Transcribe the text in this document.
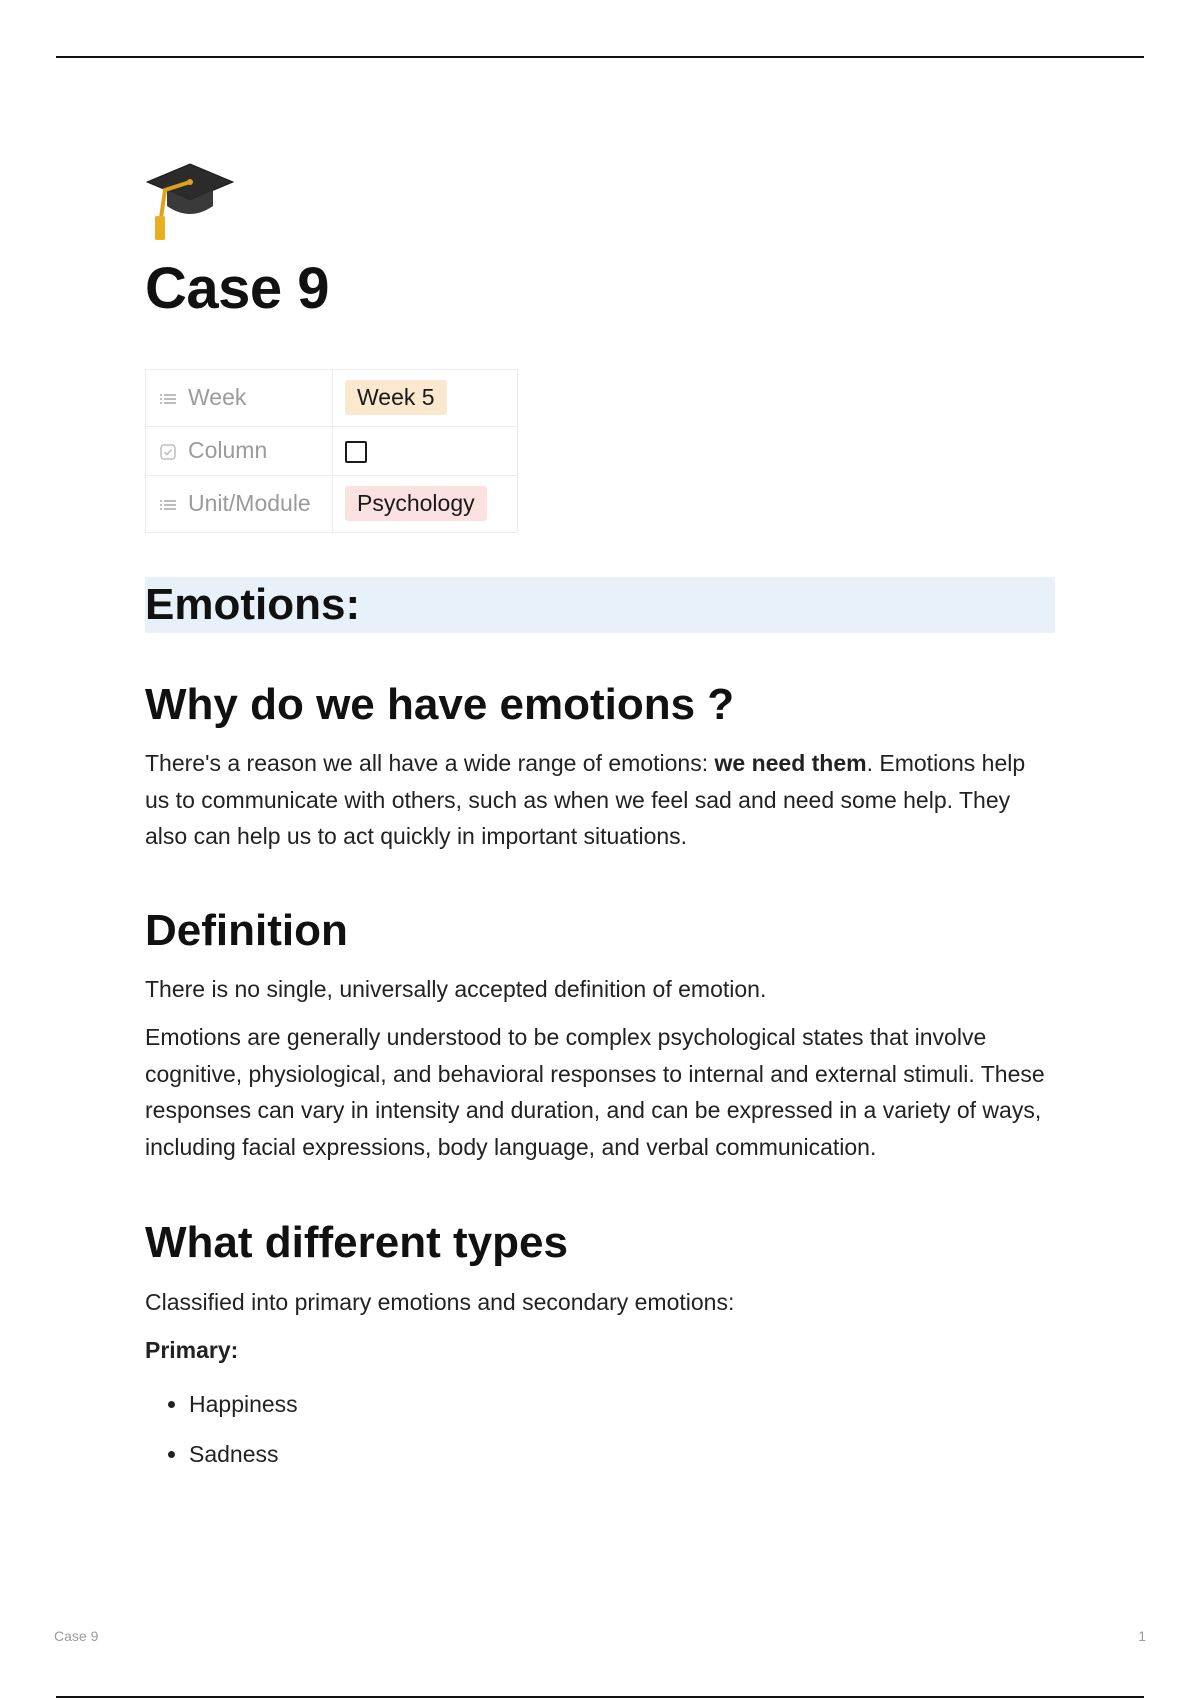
Case 9
Week	Week 5
Column	
Unit/Module	Psychology
Emotions:
Why do we have emotions ?

There's a reason we all have a wide range of emotions: we need them. Emotions help us to communicate with others, such as when we feel sad and need some help. They also can help us to act quickly in important situations.

Definition

There is no single, universally accepted definition of emotion.

Emotions are generally understood to be complex psychological states that involve cognitive, physiological, and behavioral responses to internal and external stimuli. These responses can vary in intensity and duration, and can be expressed in a variety of ways, including facial expressions, body language, and verbal communication.

What different types

Classified into primary emotions and secondary emotions:

Primary:

• Happiness
• Sadness
Case 9	1
